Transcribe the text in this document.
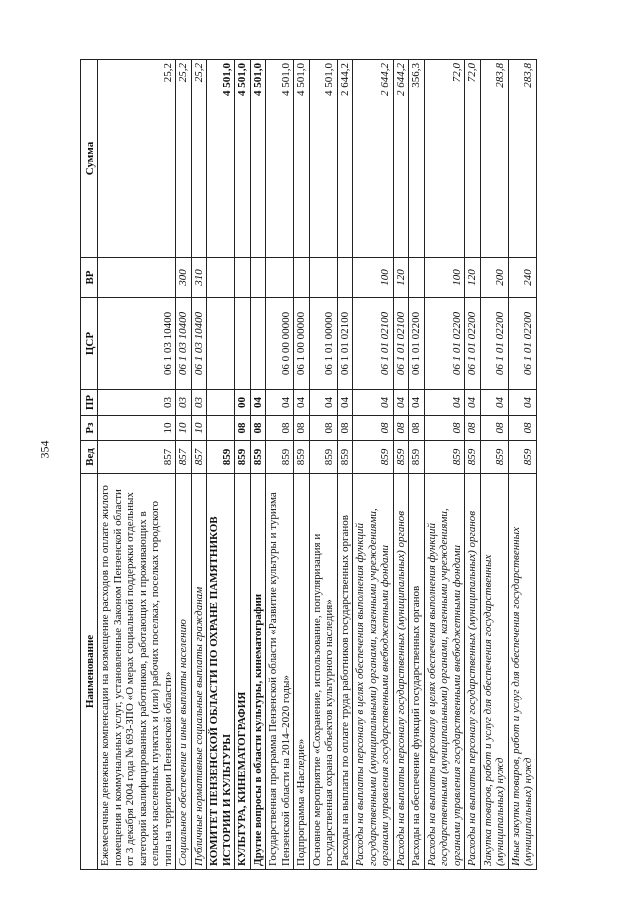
354
Наименование	Вед	Рз	ПР	ЦСР	ВР	Сумма
Ежемесячные денежные компенсации на возмещение расходов по оплате жилого помещения и коммунальных услуг, установленные Законом Пензенской области от 3 декабря 2004 года № 693-ЗПО «О мерах социальной поддержки отдельных категорий квалифицированных работников, работающих и проживающих в сельских населенных пунктах и (или) рабочих поселках, поселках городского типа на территории Пензенской области»	857	10	03	06 1 03 10400		25,2
Социальное обеспечение и иные выплаты населению	857	10	03	06 1 03 10400	300	25,2
Публичные нормативные социальные выплаты гражданам	857	10	03	06 1 03 10400	310	25,2
КОМИТЕТ ПЕНЗЕНСКОЙ ОБЛАСТИ ПО ОХРАНЕ ПАМЯТНИКОВ ИСТОРИИ И КУЛЬТУРЫ	859					4 501,0
КУЛЬТУРА, КИНЕМАТОГРАФИЯ	859	08	00			4 501,0
Другие вопросы в области культуры, кинематографии	859	08	04			4 501,0
Государственная программа Пензенской области «Развитие культуры и туризма Пензенской области на 2014–2020 годы»	859	08	04	06 0 00 00000		4 501,0
Подпрограмма «Наследие»	859	08	04	06 1 00 00000		4 501,0
Основное мероприятие «Сохранение, использование, популяризация и государственная охрана объектов культурного наследия»	859	08	04	06 1 01 00000		4 501,0
Расходы на выплаты по оплате труда работников государственных органов	859	08	04	06 1 01 02100		2 644,2
Расходы на выплаты персоналу в целях обеспечения выполнения функций государственными (муниципальными) органами, казенными учреждениями, органами управления государственными внебюджетными фондами	859	08	04	06 1 01 02100	100	2 644,2
Расходы на выплаты персоналу государственных (муниципальных) органов	859	08	04	06 1 01 02100	120	2 644,2
Расходы на обеспечение функций государственных органов	859	08	04	06 1 01 02200		356,3
Расходы на выплаты персоналу в целях обеспечения выполнения функций государственными (муниципальными) органами, казенными учреждениями, органами управления государственными внебюджетными фондами	859	08	04	06 1 01 02200	100	72,0
Расходы на выплаты персоналу государственных (муниципальных) органов	859	08	04	06 1 01 02200	120	72,0
Закупка товаров, работ и услуг для обеспечения государственных (муниципальных) нужд	859	08	04	06 1 01 02200	200	283,8
Иные закупки товаров, работ и услуг для обеспечения государственных (муниципальных) нужд	859	08	04	06 1 01 02200	240	283,8
